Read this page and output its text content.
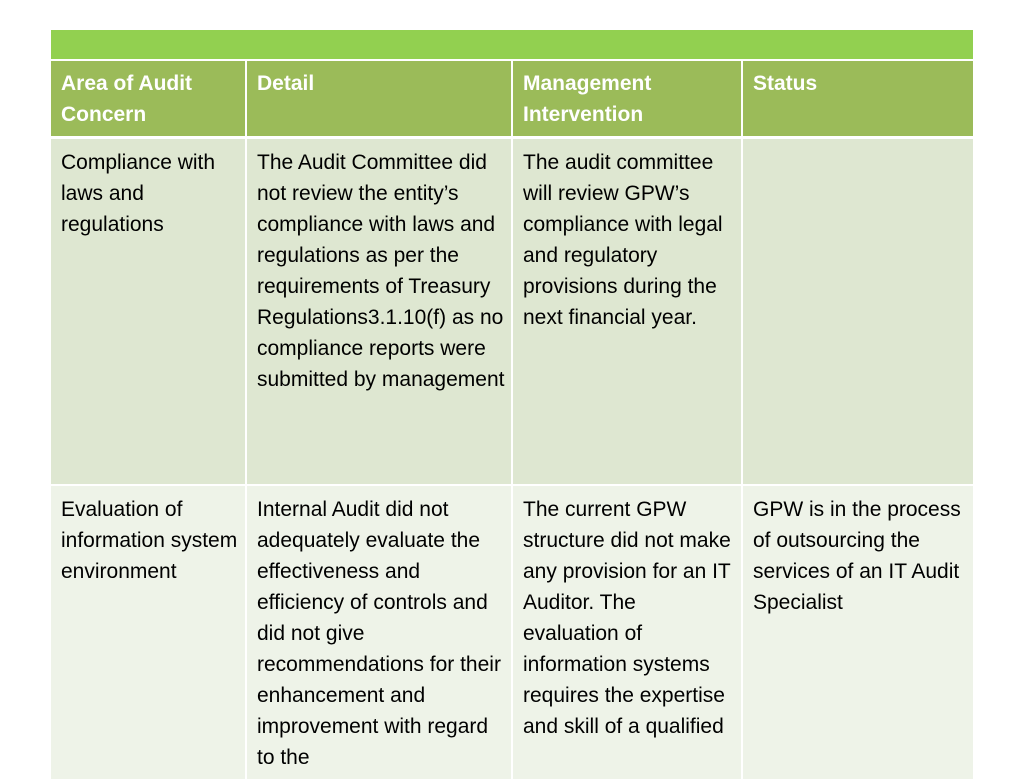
Area of Audit Concern	Detail	Management Intervention	Status
Compliance with laws and regulations	The Audit Committee did not review the entity’s compliance with laws and regulations as per the requirements of Treasury Regulations3.1.10(f) as no compliance reports were submitted by management	The audit committee will review GPW’s compliance with legal and regulatory provisions during the next financial year.	
Evaluation of information system environment	Internal Audit did not adequately evaluate the effectiveness and efficiency of controls and did not give recommendations for their enhancement and improvement with regard to the	The current GPW structure did not make any provision for an IT Auditor. The evaluation of information systems requires the expertise and skill of a qualified	GPW is in the process of outsourcing the services of an IT Audit Specialist
